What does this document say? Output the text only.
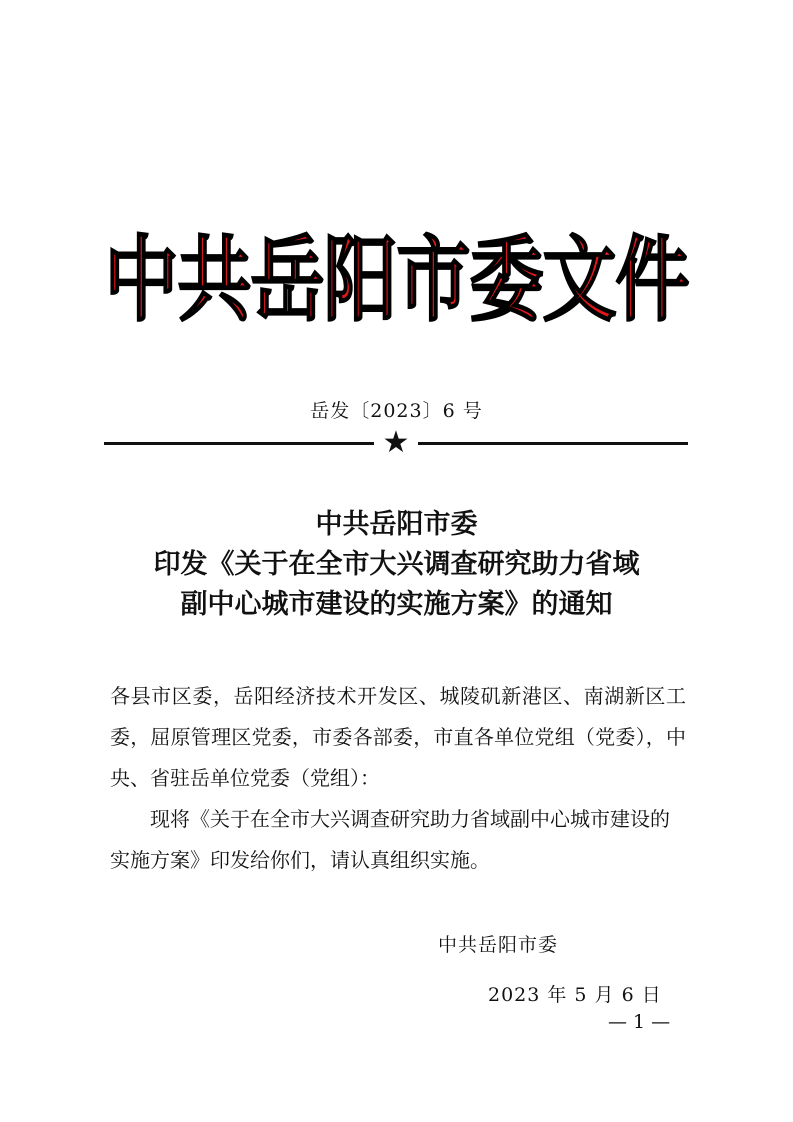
中共岳阳市委文件
岳发〔2023〕6 号
★
中共岳阳市委
印发《关于在全市大兴调查研究助力省域
副中心城市建设的实施方案》的通知

各县市区委，岳阳经济技术开发区、城陵矶新港区、南湖新区工委，屈原管理区党委，市委各部委，市直各单位党组（党委），中央、省驻岳单位党委（党组）：

现将《关于在全市大兴调查研究助力省域副中心城市建设的实施方案》印发给你们，请认真组织实施。

中共岳阳市委
2023 年 5 月 6 日
— 1 —
